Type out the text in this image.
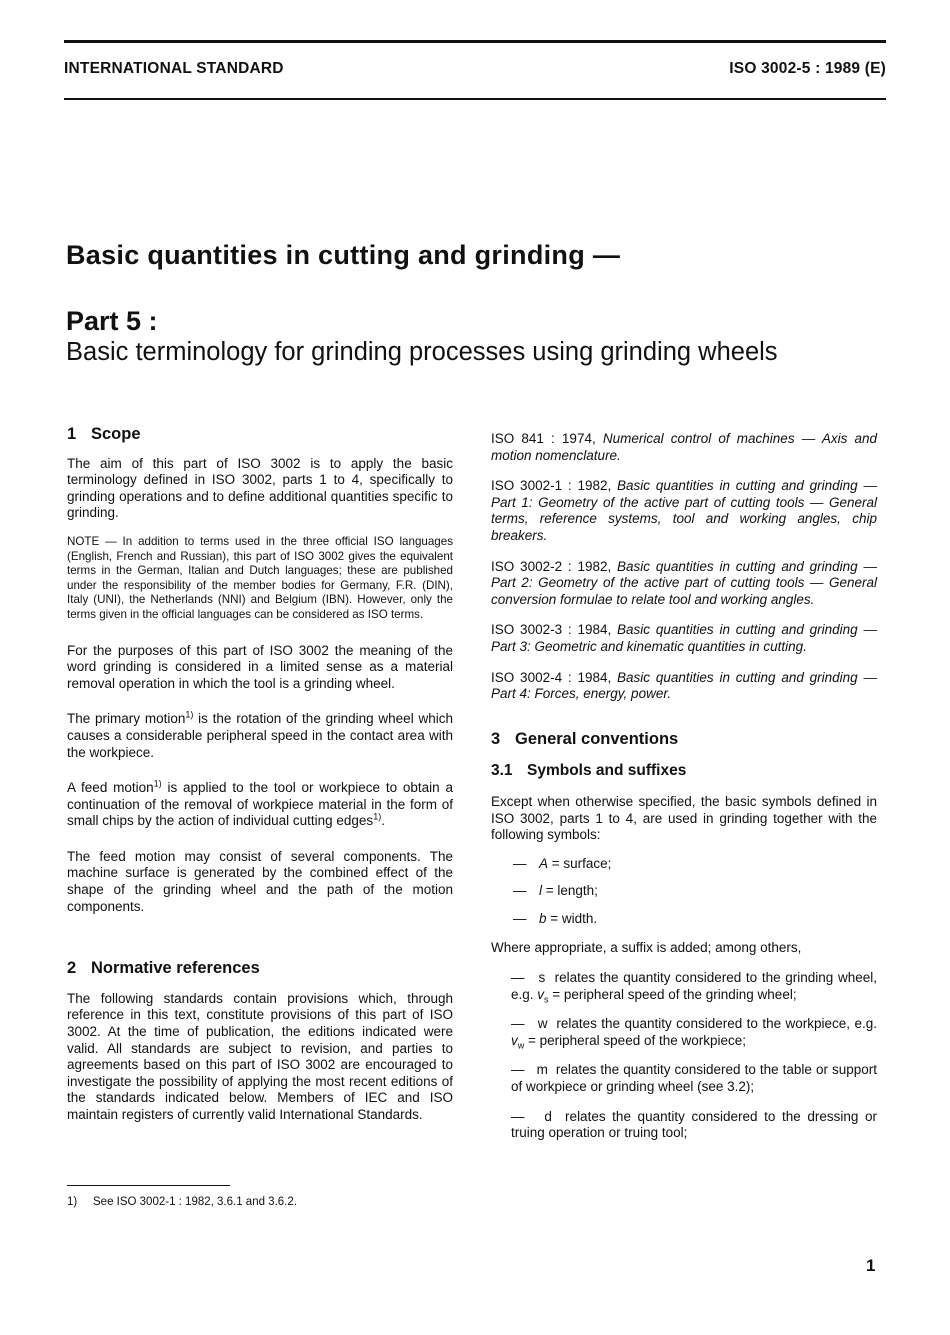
INTERNATIONAL STANDARD	ISO 3002-5 : 1989 (E)
Basic quantities in cutting and grinding —
Part 5 :
Basic terminology for grinding processes using grinding wheels
1 Scope

The aim of this part of ISO 3002 is to apply the basic terminology defined in ISO 3002, parts 1 to 4, specifically to grinding operations and to define additional quantities specific to grinding.

NOTE — In addition to terms used in the three official ISO languages (English, French and Russian), this part of ISO 3002 gives the equivalent terms in the German, Italian and Dutch languages; these are published under the responsibility of the member bodies for Germany, F.R. (DIN), Italy (UNI), the Netherlands (NNI) and Belgium (IBN). However, only the terms given in the official languages can be considered as ISO terms.

For the purposes of this part of ISO 3002 the meaning of the word grinding is considered in a limited sense as a material removal operation in which the tool is a grinding wheel.

The primary motion$^{1)}$ is the rotation of the grinding wheel which causes a considerable peripheral speed in the contact area with the workpiece.

A feed motion$^{1)}$ is applied to the tool or workpiece to obtain a continuation of the removal of workpiece material in the form of small chips by the action of individual cutting edges$^{1)}$.

The feed motion may consist of several components. The machine surface is generated by the combined effect of the shape of the grinding wheel and the path of the motion components.

2 Normative references

The following standards contain provisions which, through reference in this text, constitute provisions of this part of ISO 3002. At the time of publication, the editions indicated were valid. All standards are subject to revision, and parties to agreements based on this part of ISO 3002 are encouraged to investigate the possibility of applying the most recent editions of the standards indicated below. Members of IEC and ISO maintain registers of currently valid International Standards.

ISO 841 : 1974, Numerical control of machines — Axis and motion nomenclature.

ISO 3002-1 : 1982, Basic quantities in cutting and grinding — Part 1: Geometry of the active part of cutting tools — General terms, reference systems, tool and working angles, chip breakers.

ISO 3002-2 : 1982, Basic quantities in cutting and grinding — Part 2: Geometry of the active part of cutting tools — General conversion formulae to relate tool and working angles.

ISO 3002-3 : 1984, Basic quantities in cutting and grinding — Part 3: Geometric and kinematic quantities in cutting.

ISO 3002-4 : 1984, Basic quantities in cutting and grinding — Part 4: Forces, energy, power.

3 General conventions
3.1 Symbols and suffixes

Except when otherwise specified, the basic symbols defined in ISO 3002, parts 1 to 4, are used in grinding together with the following symbols:

— A = surface;
— l = length;
— b = width.

Where appropriate, a suffix is added; among others,

— s  relates the quantity considered to the grinding wheel, e.g. $v_s$ = peripheral speed of the grinding wheel;
— w  relates the quantity considered to the workpiece, e.g. $v_w$ = peripheral speed of the workpiece;
— m  relates the quantity considered to the table or support of workpiece or grinding wheel (see 3.2);
— d  relates the quantity considered to the dressing or truing operation or truing tool;
1) See ISO 3002-1 : 1982, 3.6.1 and 3.6.2.
1
